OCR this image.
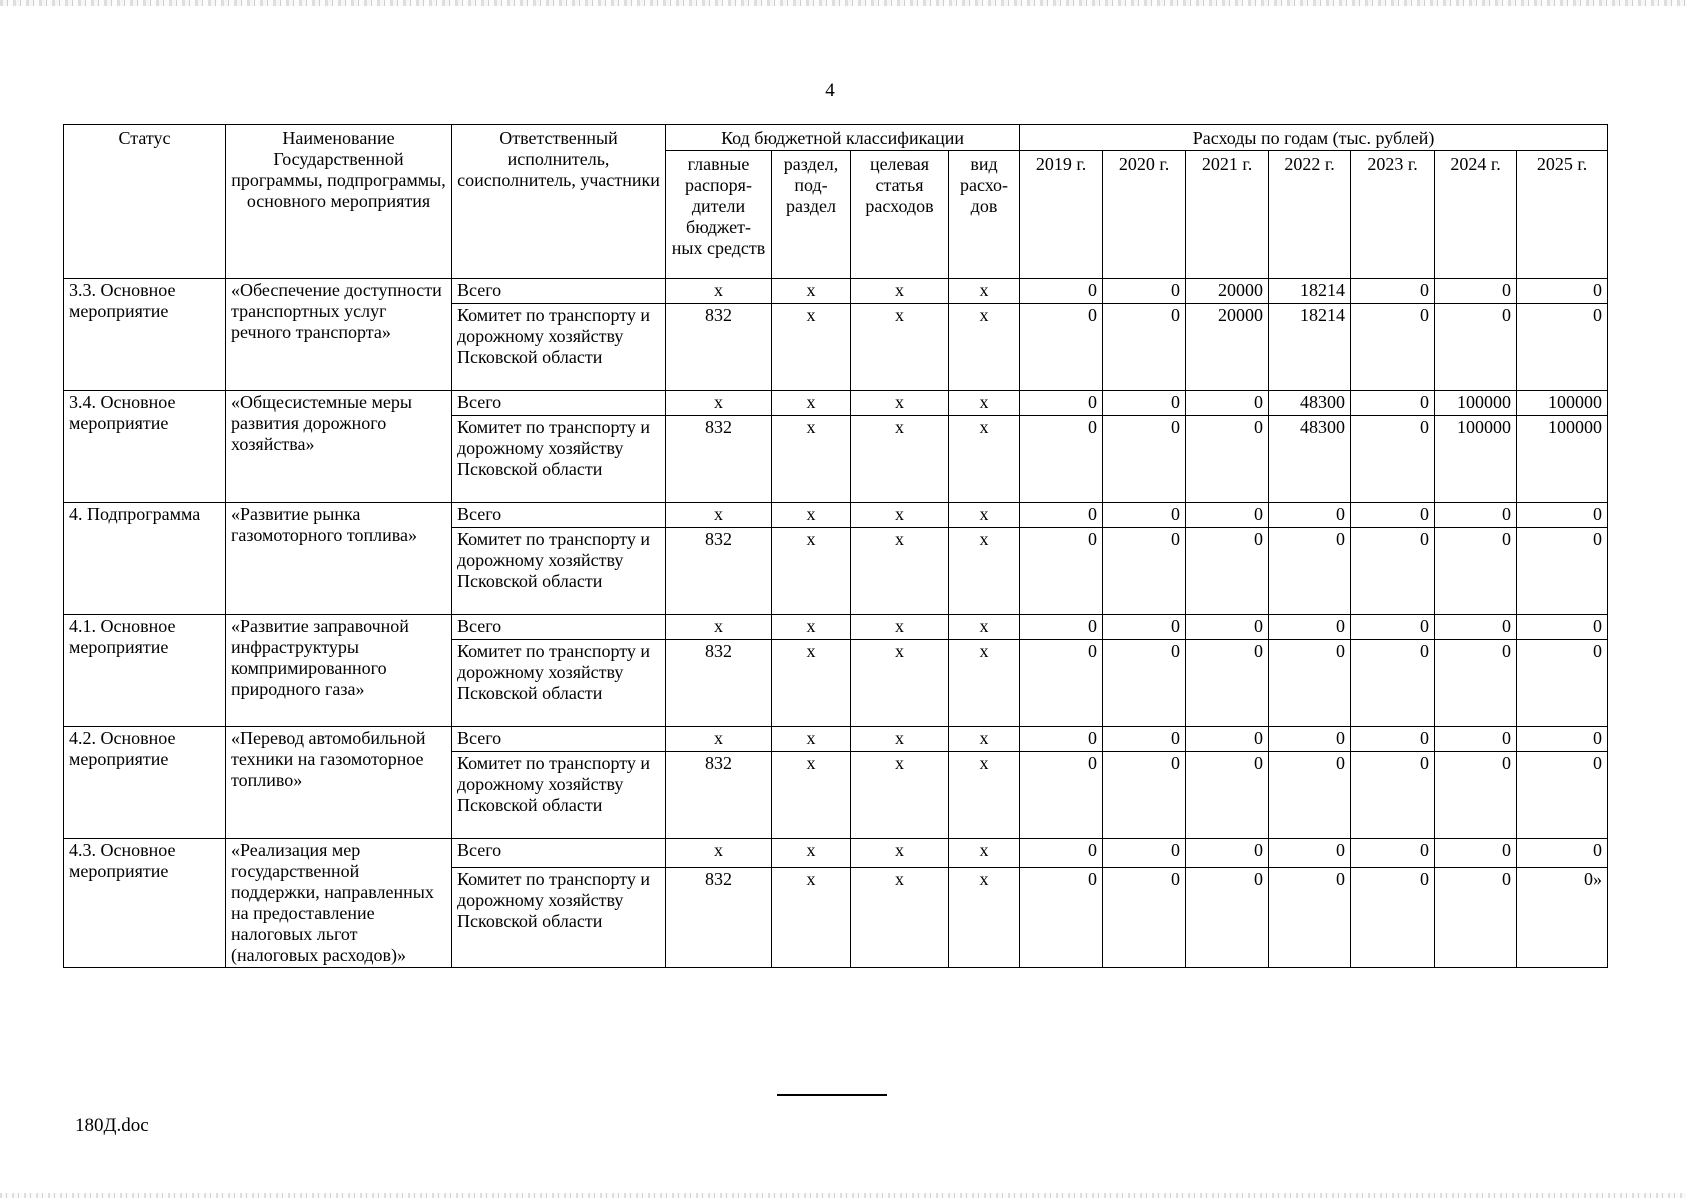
4
Статус	Наименование Государственной программы, подпрограммы, основного мероприятия	Ответственный исполнитель, соисполнитель, участники	Код бюджетной классификации				Расходы по годам (тыс. рублей)						
			главные распоря-дители бюджет-ных средств	раздел, под-раздел	целевая статья расходов	вид расхо-дов	2019 г.	2020 г.	2021 г.	2022 г.	2023 г.	2024 г.	2025 г.
3.3. Основное мероприятие	«Обеспечение доступности транспортных услуг речного транспорта»	Всего	х	х	х	х	0	0	20000	18214	0	0	0
		Комитет по транспорту и дорожному хозяйству Псковской области	832	х	х	х	0	0	20000	18214	0	0	0
3.4. Основное мероприятие	«Общесистемные меры развития дорожного хозяйства»	Всего	х	х	х	х	0	0	0	48300	0	100000	100000
		Комитет по транспорту и дорожному хозяйству Псковской области	832	х	х	х	0	0	0	48300	0	100000	100000
4. Подпрограмма	«Развитие рынка газомоторного топлива»	Всего	х	х	х	х	0	0	0	0	0	0	0
		Комитет по транспорту и дорожному хозяйству Псковской области	832	х	х	х	0	0	0	0	0	0	0
4.1. Основное мероприятие	«Развитие заправочной инфраструктуры компримированного природного газа»	Всего	х	х	х	х	0	0	0	0	0	0	0
		Комитет по транспорту и дорожному хозяйству Псковской области	832	х	х	х	0	0	0	0	0	0	0
4.2. Основное мероприятие	«Перевод автомобильной техники на газомоторное топливо»	Всего	х	х	х	х	0	0	0	0	0	0	0
		Комитет по транспорту и дорожному хозяйству Псковской области	832	х	х	х	0	0	0	0	0	0	0
4.3. Основное мероприятие	«Реализация мер государственной поддержки, направленных на предоставление налоговых льгот (налоговых расходов)»	Всего	х	х	х	х	0	0	0	0	0	0	0
		Комитет по транспорту и дорожному хозяйству Псковской области	832	х	х	х	0	0	0	0	0	0	0»
180Д.doc
